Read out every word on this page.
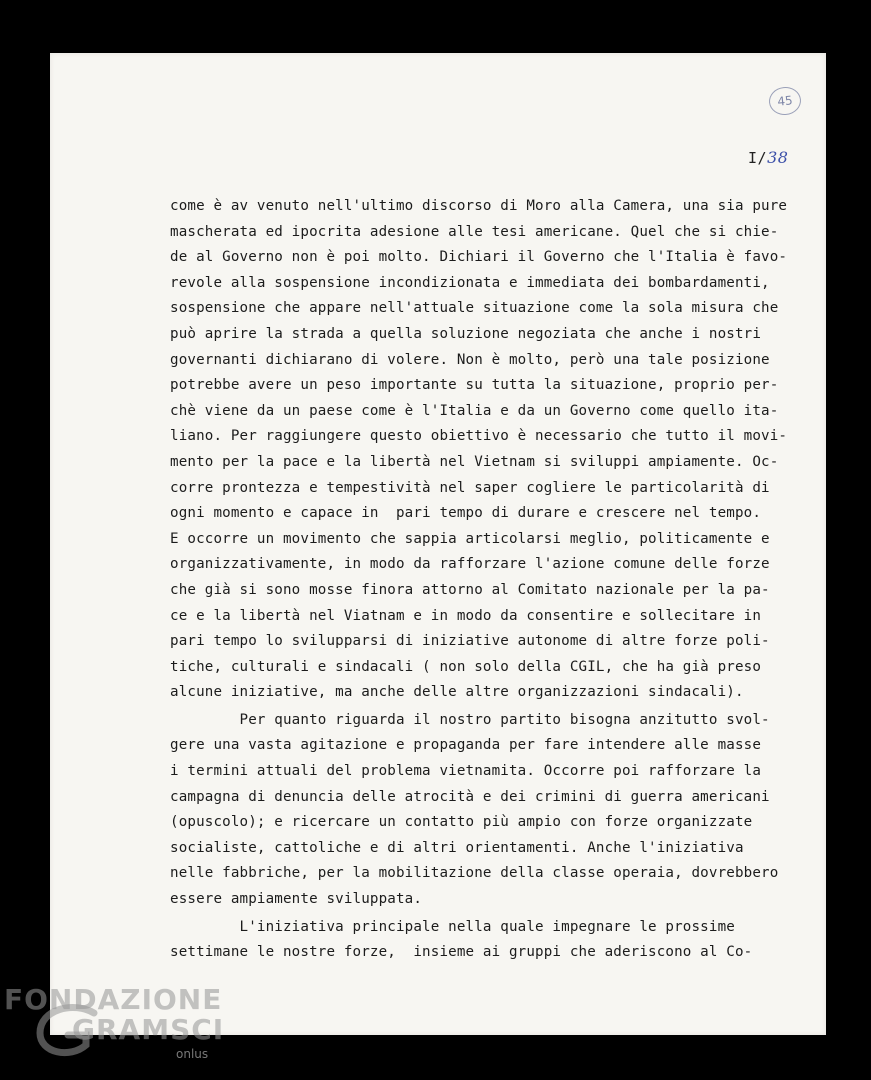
45
I/38
come è av venuto nell'ultimo discorso di Moro alla Camera, una sia pure
mascherata ed ipocrita adesione alle tesi americane. Quel che si chie-
de al Governo non è poi molto. Dichiari il Governo che l'Italia è favo-
revole alla sospensione incondizionata e immediata dei bombardamenti,
sospensione che appare nell'attuale situazione come la sola misura che
può aprire la strada a quella soluzione negoziata che anche i nostri
governanti dichiarano di volere. Non è molto, però una tale posizione
potrebbe avere un peso importante su tutta la situazione, proprio per-
chè viene da un paese come è l'Italia e da un Governo come quello ita-
liano. Per raggiungere questo obiettivo è necessario che tutto il movi-
mento per la pace e la libertà nel Vietnam si sviluppi ampiamente. Oc-
corre prontezza e tempestività nel saper cogliere le particolarità di
ogni momento e capace in  pari tempo di durare e crescere nel tempo.
E occorre un movimento che sappia articolarsi meglio, politicamente e
organizzativamente, in modo da rafforzare l'azione comune delle forze
che già si sono mosse finora attorno al Comitato nazionale per la pa-
ce e la libertà nel Viatnam e in modo da consentire e sollecitare in
pari tempo lo svilupparsi di iniziative autonome di altre forze poli-
tiche, culturali e sindacali ( non solo della CGIL, che ha già preso
alcune iniziative, ma anche delle altre organizzazioni sindacali).
Per quanto riguarda il nostro partito bisogna anzitutto svol-
gere una vasta agitazione e propaganda per fare intendere alle masse
i termini attuali del problema vietnamita. Occorre poi rafforzare la
campagna di denuncia delle atrocità e dei crimini di guerra americani
(opuscolo); e ricercare un contatto più ampio con forze organizzate
socialiste, cattoliche e di altri orientamenti. Anche l'iniziativa
nelle fabbriche, per la mobilitazione della classe operaia, dovrebbero
essere ampiamente sviluppata.
L'iniziativa principale nella quale impegnare le prossime
settimane le nostre forze,  insieme ai gruppi che aderiscono al Co-
FONDAZIONE
GRAMSCI
onlus
